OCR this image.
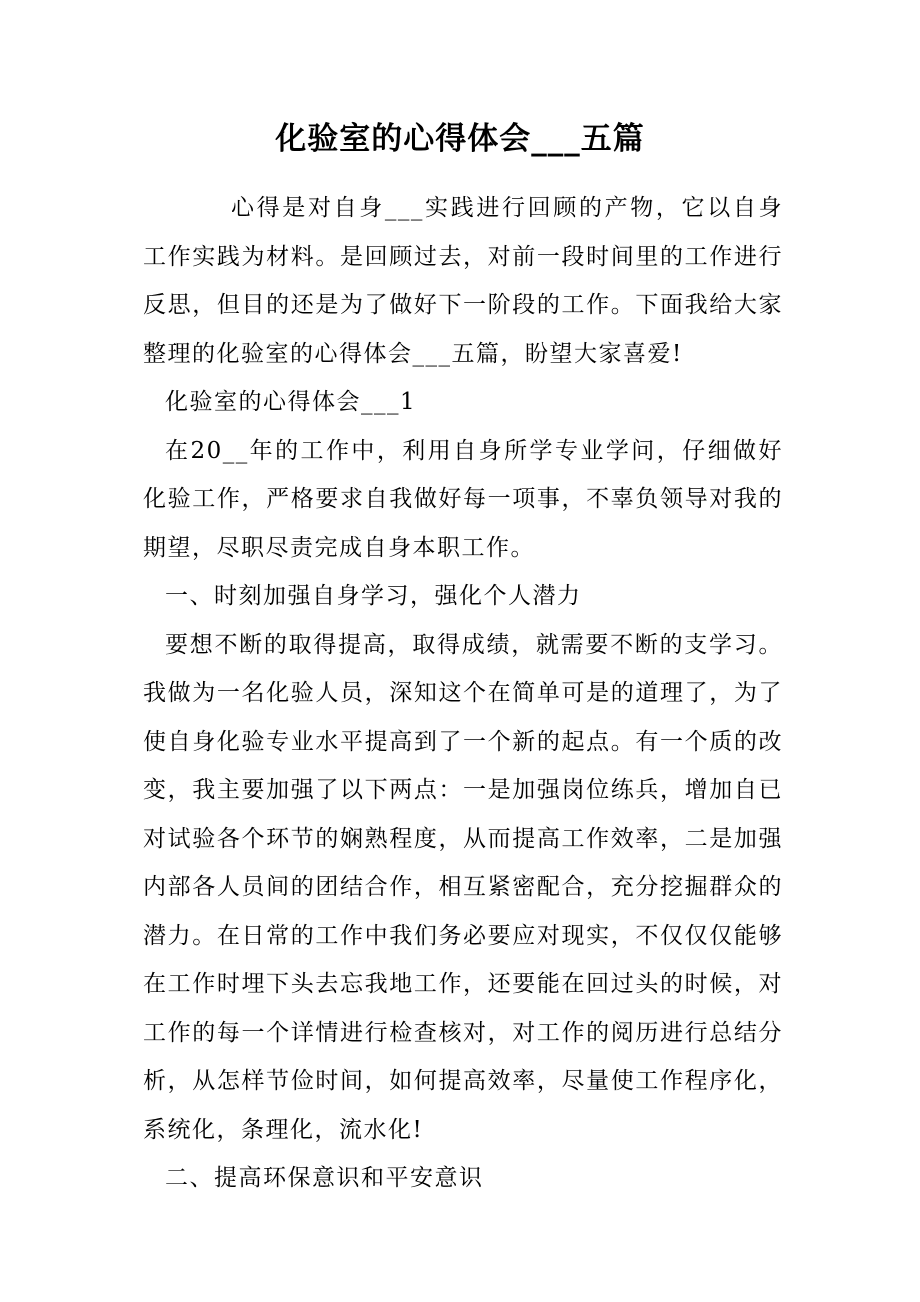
化验室的心得体会___五篇

心得是对自身___实践进行回顾的产物，它以自身工作实践为材料。是回顾过去，对前一段时间里的工作进行反思，但目的还是为了做好下一阶段的工作。下面我给大家整理的化验室的心得体会___五篇，盼望大家喜爱!

化验室的心得体会___1

在20__年的工作中，利用自身所学专业学问，仔细做好化验工作，严格要求自我做好每一项事，不辜负领导对我的期望，尽职尽责完成自身本职工作。

一、时刻加强自身学习，强化个人潜力

要想不断的取得提高，取得成绩，就需要不断的支学习。我做为一名化验人员，深知这个在简单可是的道理了，为了使自身化验专业水平提高到了一个新的起点。有一个质的改变，我主要加强了以下两点：一是加强岗位练兵，增加自已对试验各个环节的娴熟程度，从而提高工作效率，二是加强内部各人员间的团结合作，相互紧密配合，充分挖掘群众的潜力。在日常的工作中我们务必要应对现实，不仅仅仅能够在工作时埋下头去忘我地工作，还要能在回过头的时候，对工作的每一个详情进行检查核对，对工作的阅历进行总结分析，从怎样节俭时间，如何提高效率，尽量使工作程序化，系统化，条理化，流水化!

二、提高环保意识和平安意识
